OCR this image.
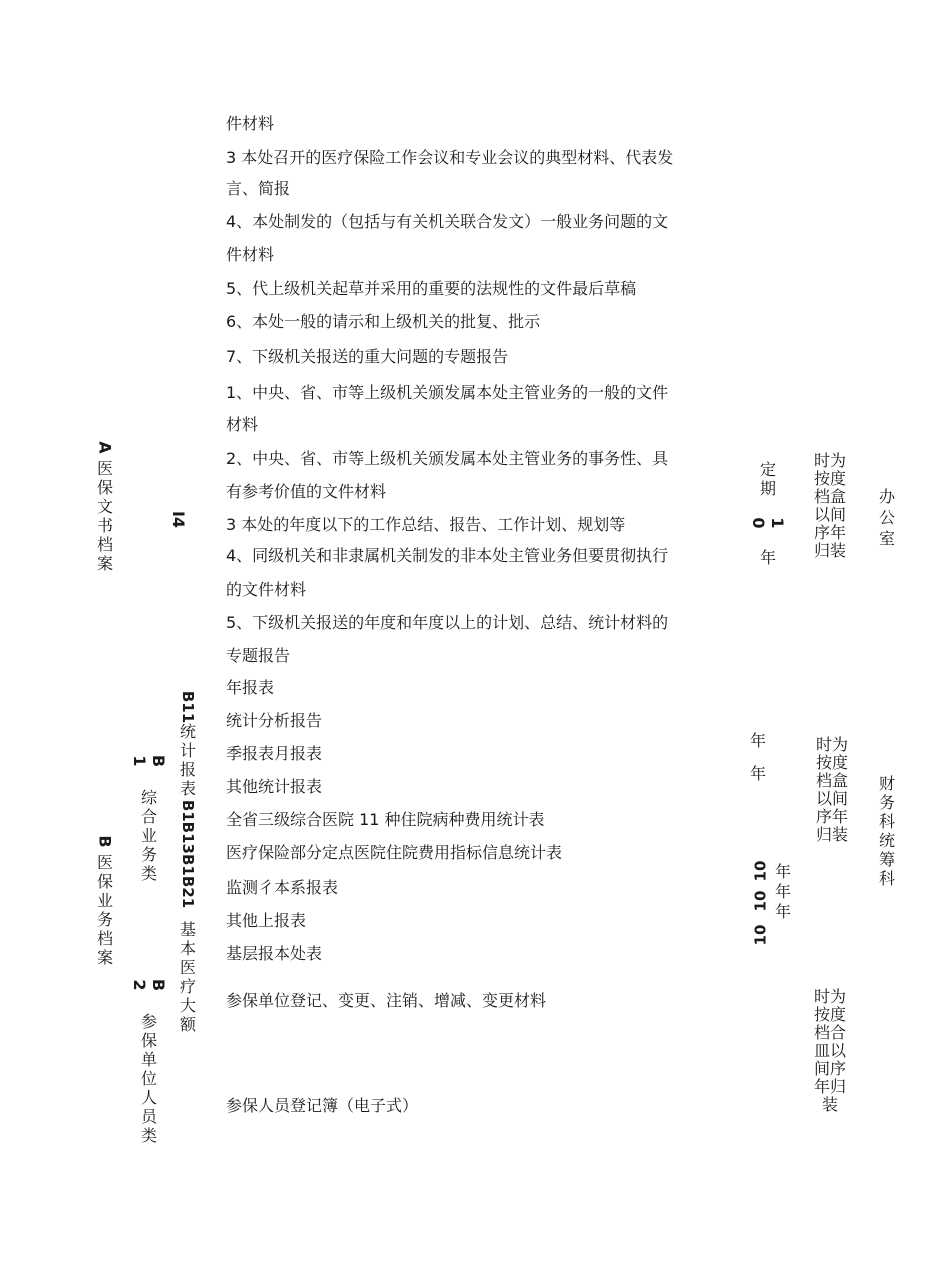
A
医保文书档案
I4
件材料
3 本处召开的医疗保险工作会议和专业会议的典型材料、代表发
言、简报
4、本处制发的（包括与有关机关联合发文）一般业务问题的文
件材料
5、代上级机关起草并采用的重要的法规性的文件最后草稿
6、本处一般的请示和上级机关的批复、批示
7、下级机关报送的重大问题的专题报告
1、中央、省、市等上级机关颁发属本处主管业务的一般的文件
材料
2、中央、省、市等上级机关颁发属本处主管业务的事务性、具
有参考价值的文件材料
3 本处的年度以下的工作总结、报告、工作计划、规划等
4、同级机关和非隶属机关制发的非本处主管业务但要贯彻执行
的文件材料
5、下级机关报送的年度和年度以上的计划、总结、统计材料的
专题报告
定期
10
年
时为按度档盒以间序年归装
办公室
B
医保业务档案
B1
综合业务类
B2
参保单位人员类
B11
统计报表
B1B13B1B21
基本医疗大额
年报表
统计分析报告
季报表月报表
其他统计报表
全省三级综合医院 11 种住院病种费用统计表
医疗保险部分定点医院住院费用指标信息统计表
监测彳本系报表
其他上报表
基层报本处表
参保单位登记、变更、注销、增减、变更材料
参保人员登记簿（电子式）
年
年
10
10
10
年年年
时为按度档盒以间序年归装
时为按度档合皿以间序年归装
财务科统筹科
